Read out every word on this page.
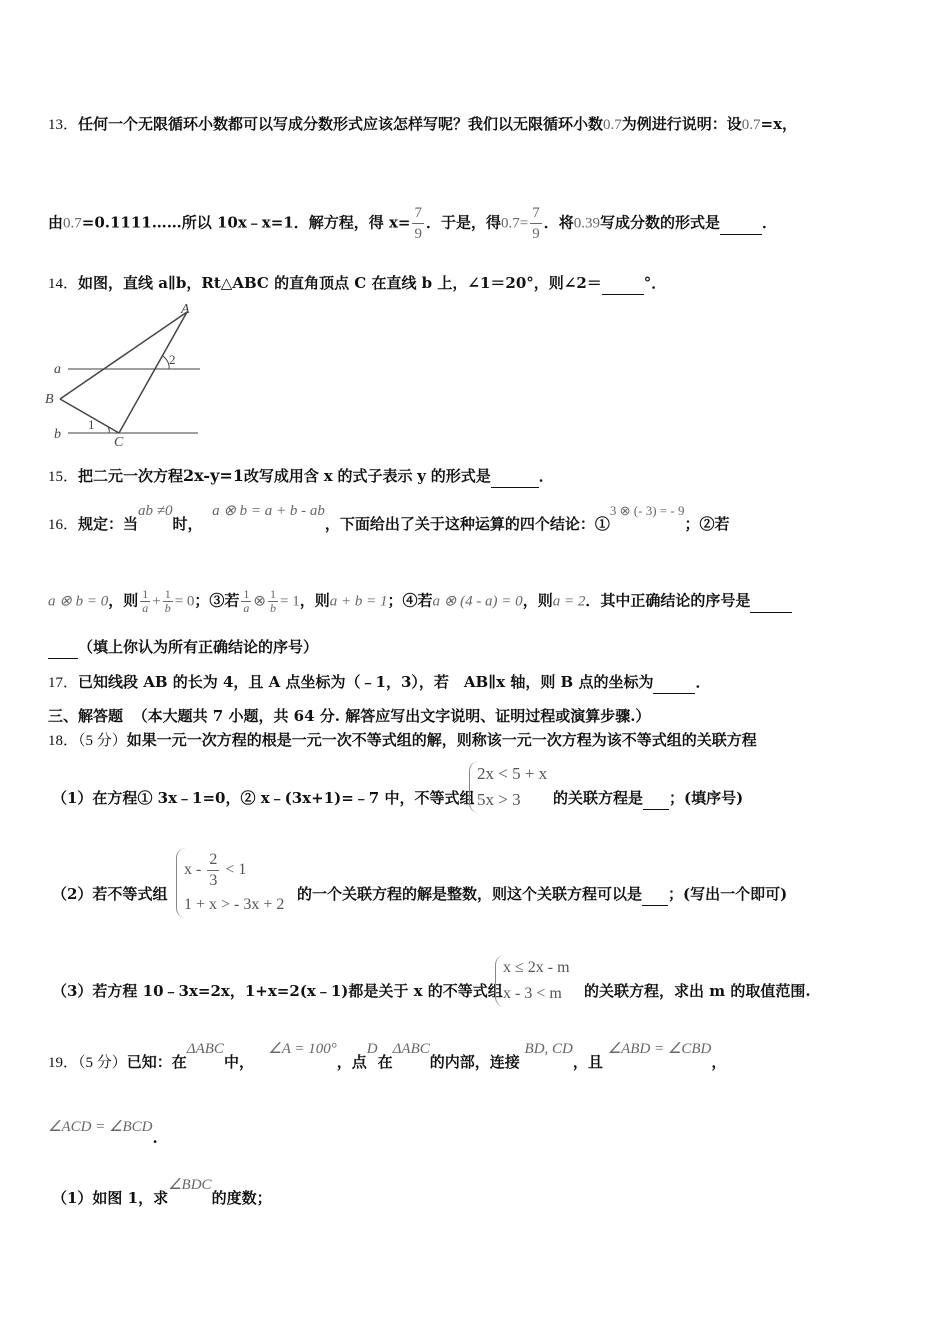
13．任何一个无限循环小数都可以写成分数形式应该怎样写呢？我们以无限循环小数0.7为例进行说明：设0.7=x，
由0.7=0.1111……所以 10x﹣x=1．解方程，得 $x= \frac{7}{9}$ ．于是，得$0.7= \frac{7}{9}$ ．将0.39写成分数的形式是	．
14．如图，直线 a∥b，Rt△ABC 的直角顶点 C 在直线 b 上，∠1＝20°，则∠2＝	°．
A
B
C
a
b
1
2
15．把二元一次方程2x-y=1改写成用含 x 的式子表示 y 的形式是	．
16．规定：当ab ≠0时，  a ⊗ b = a + b - ab，下面给出了关于这种运算的四个结论：①3 ⊗ (- 3) = - 9；②若
a ⊗ b = 0，则 $\frac{1}{a} + \frac{1}{b} = 0$；③若 $\frac{1}{a}$ ⊗ $\frac{1}{b} = 1$，则a + b = 1；④若a ⊗ (4 - a) = 0，则a = 2．其中正确结论的序号是
（填上你认为所有正确结论的序号）
17．已知线段 AB 的长为 4，且 A 点坐标为（﹣1，3），若　AB∥x 轴，则 B 点的坐标为	．
三、解答题 （本大题共 7 小题，共 64 分. 解答应写出文字说明、证明过程或演算步骤.）
18．（5 分）如果一元一次方程的根是一元一次不等式组的解，则称该一元一次方程为该不等式组的关联方程
（1）在方程① 3x﹣1=0，② x﹣(3x+1)=﹣7 中，不等式组
2x < 5 + x
5x > 3	的关联方程是 ；(填序号)
（2）若不等式组
$x - \frac{2}{3} < 1$
1 + x > - 3x + 2
的一个关联方程的解是整数，则这个关联方程可以是 ；(写出一个即可)
（3）若方程 10﹣3x=2x，1+x=2(x﹣1)都是关于 x 的不等式组
x ≤ 2x - m
x - 3 < m	的关联方程，求出 m 的取值范围.
19．（5 分）已知：在ΔABC中，   ∠A = 100°，点D在ΔABC的内部，连接 BD, CD，且 ∠ABD = ∠CBD，
∠ACD = ∠BCD.
（1）如图 1，求∠BDC的度数；
